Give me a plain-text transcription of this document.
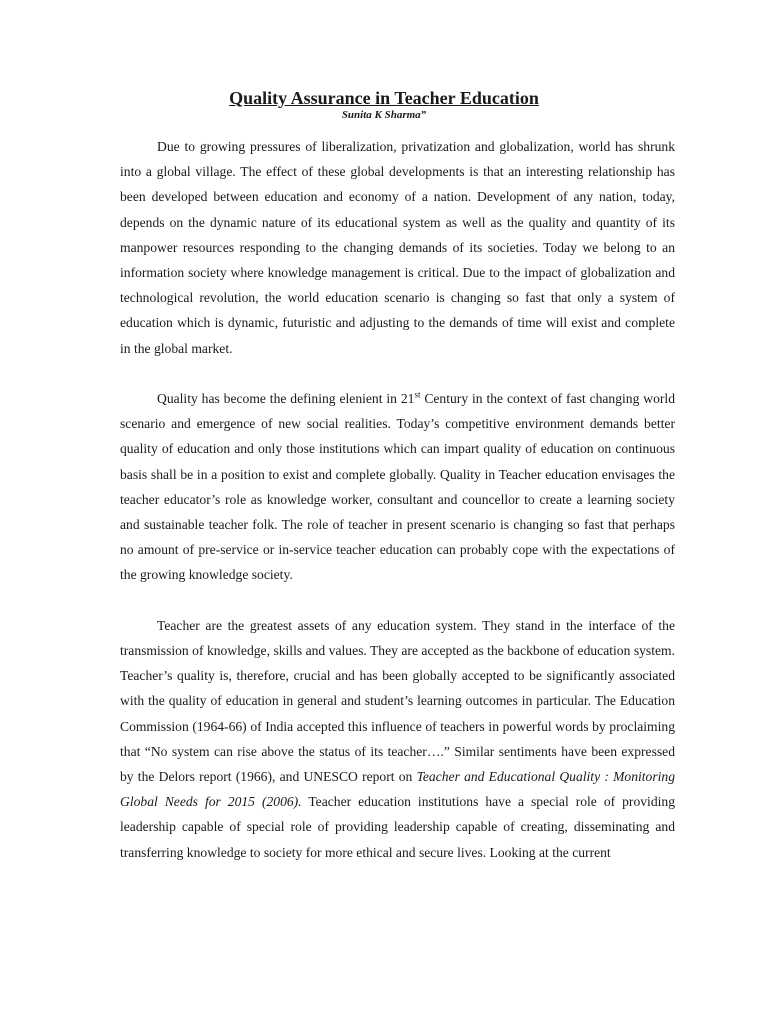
Quality Assurance in Teacher Education
Sunita K Sharma”

Due to growing pressures of liberalization, privatization and globalization, world has shrunk into a global village. The effect of these global developments is that an interesting relationship has been developed between education and economy of a nation. Development of any nation, today, depends on the dynamic nature of its educational system as well as the quality and quantity of its manpower resources responding to the changing demands of its societies. Today we belong to an information society where knowledge management is critical. Due to the impact of globalization and technological revolution, the world education scenario is changing so fast that only a system of education which is dynamic, futuristic and adjusting to the demands of time will exist and complete in the global market.

Quality has become the defining elenient in 21st Century in the context of fast changing world scenario and emergence of new social realities. Today’s competitive environment demands better quality of education and only those institutions which can impart quality of education on continuous basis shall be in a position to exist and complete globally. Quality in Teacher education envisages the teacher educator’s role as knowledge worker, consultant and councellor to create a learning society and sustainable teacher folk. The role of teacher in present scenario is changing so fast that perhaps no amount of pre-service or in-service teacher education can probably cope with the expectations of the growing knowledge society.

Teacher are the greatest assets of any education system. They stand in the interface of the transmission of knowledge, skills and values. They are accepted as the backbone of education system. Teacher’s quality is, therefore, crucial and has been globally accepted to be significantly associated with the quality of education in general and student’s learning outcomes in particular. The Education Commission (1964-66) of India accepted this influence of teachers in powerful words by proclaiming that “No system can rise above the status of its teacher….” Similar sentiments have been expressed by the Delors report (1966), and UNESCO report on Teacher and Educational Quality : Monitoring Global Needs for 2015 (2006). Teacher education institutions have a special role of providing leadership capable of special role of providing leadership capable of creating, disseminating and transferring knowledge to society for more ethical and secure lives. Looking at the current
